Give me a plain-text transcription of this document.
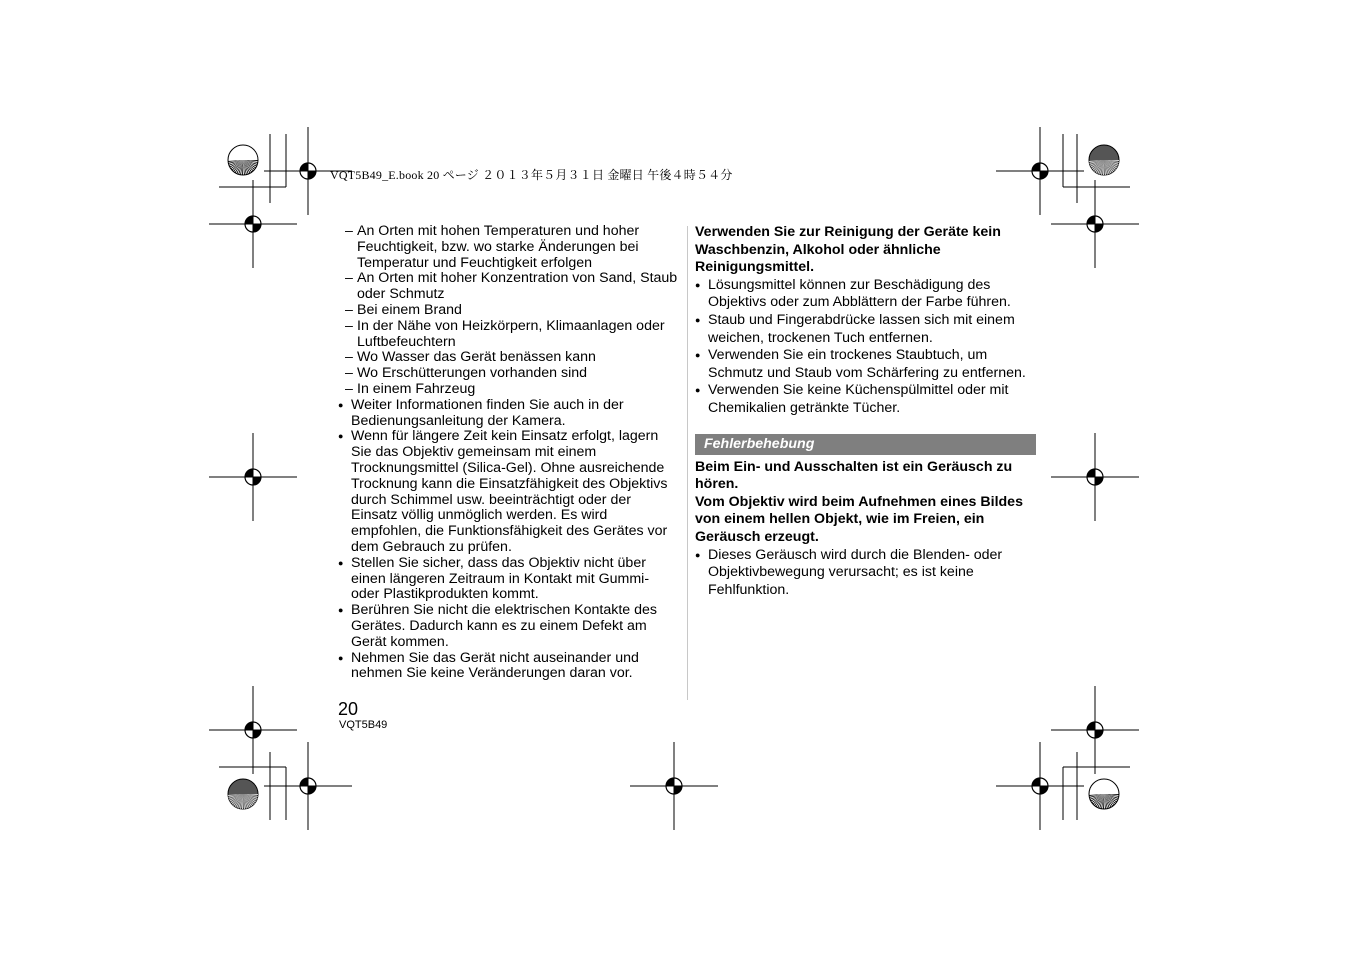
VQT5B49_E.book 20 ページ ２０１３年５月３１日 金曜日 午後４時５４分
– An Orten mit hohen Temperaturen und hoher Feuchtigkeit, bzw. wo starke Änderungen bei Temperatur und Feuchtigkeit erfolgen
– An Orten mit hoher Konzentration von Sand, Staub oder Schmutz
– Bei einem Brand
– In der Nähe von Heizkörpern, Klimaanlagen oder Luftbefeuchtern
– Wo Wasser das Gerät benässen kann
– Wo Erschütterungen vorhanden sind
– In einem Fahrzeug
● Weiter Informationen finden Sie auch in der Bedienungsanleitung der Kamera.
● Wenn für längere Zeit kein Einsatz erfolgt, lagern Sie das Objektiv gemeinsam mit einem Trocknungsmittel (Silica-Gel). Ohne ausreichende Trocknung kann die Einsatzfähigkeit des Objektivs durch Schimmel usw. beeinträchtigt oder der Einsatz völlig unmöglich werden. Es wird empfohlen, die Funktionsfähigkeit des Gerätes vor dem Gebrauch zu prüfen.
● Stellen Sie sicher, dass das Objektiv nicht über einen längeren Zeitraum in Kontakt mit Gummi- oder Plastikprodukten kommt.
● Berühren Sie nicht die elektrischen Kontakte des Gerätes. Dadurch kann es zu einem Defekt am Gerät kommen.
● Nehmen Sie das Gerät nicht auseinander und nehmen Sie keine Veränderungen daran vor.
Verwenden Sie zur Reinigung der Geräte kein Waschbenzin, Alkohol oder ähnliche Reinigungsmittel.
● Lösungsmittel können zur Beschädigung des Objektivs oder zum Abblättern der Farbe führen.
● Staub und Fingerabdrücke lassen sich mit einem weichen, trockenen Tuch entfernen.
● Verwenden Sie ein trockenes Staubtuch, um Schmutz und Staub vom Schärfering zu entfernen.
● Verwenden Sie keine Küchenspülmittel oder mit Chemikalien getränkte Tücher.
Fehlerbehebung
Beim Ein- und Ausschalten ist ein Geräusch zu hören.
Vom Objektiv wird beim Aufnehmen eines Bildes von einem hellen Objekt, wie im Freien, ein Geräusch erzeugt.
● Dieses Geräusch wird durch die Blenden- oder Objektivbewegung verursacht; es ist keine Fehlfunktion.
20
VQT5B49
